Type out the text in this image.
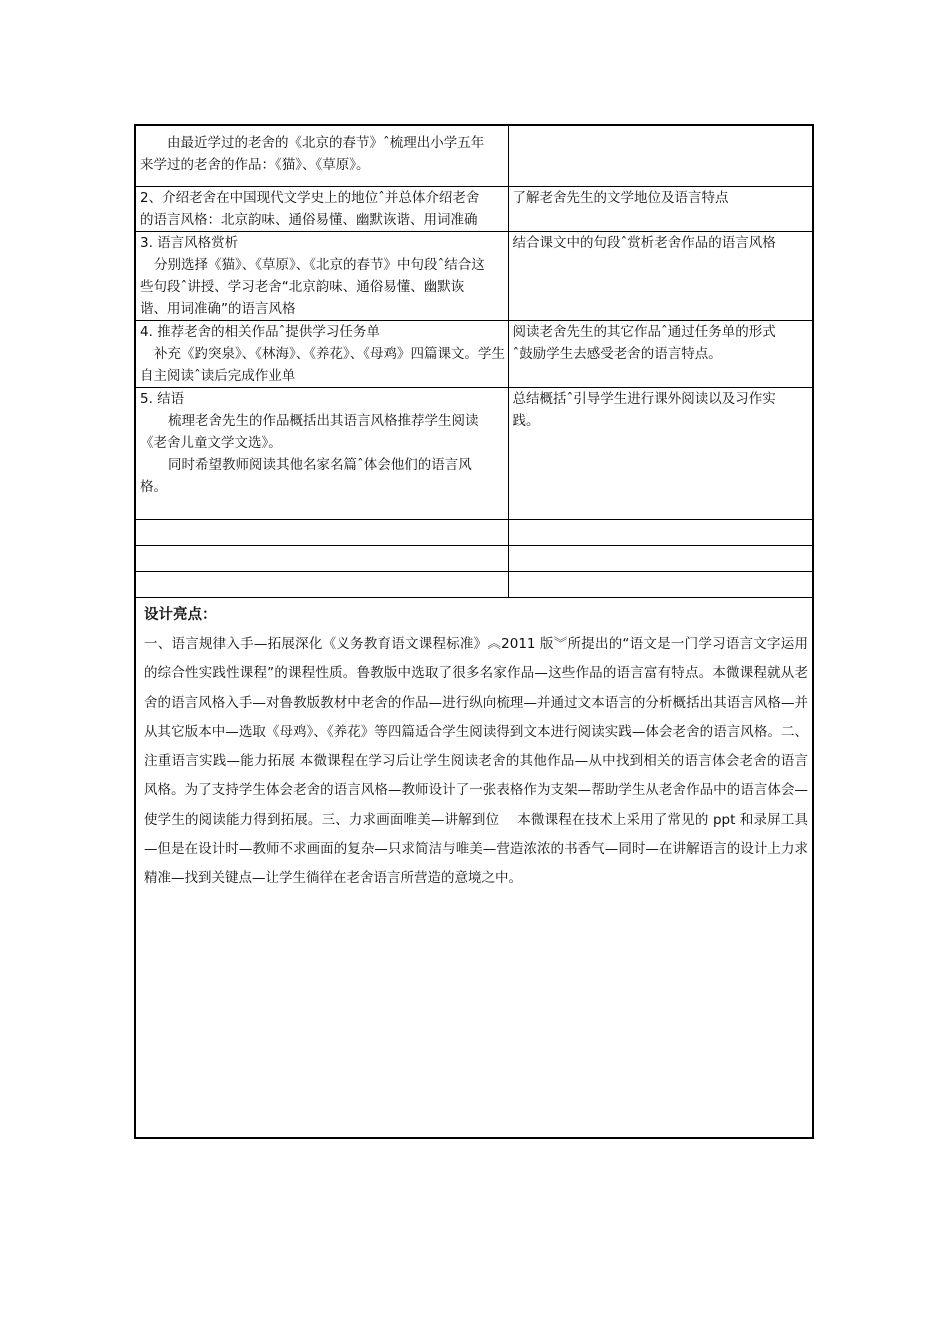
由最近学过的老舍的《北京的春节》ˆ梳理出小学五年
来学过的老舍的作品：《猫》、《草原》。	

2、介绍老舍在中国现代文学史上的地位ˆ并总体介绍老舍
的语言风格：北京韵味、通俗易懂、幽默诙谐、用词准确	了解老舍先生的文学地位及语言特点

3. 语言风格赏析
分别选择《猫》、《草原》、《北京的春节》中句段ˆ结合这
些句段ˆ讲授、学习老舍“北京韵味、通俗易懂、幽默诙
谐、用词准确”的语言风格	结合课文中的句段ˆ赏析老舍作品的语言风格

4. 推荐老舍的相关作品ˆ提供学习任务单
补充《趵突泉》、《林海》、《养花》、《母鸡》四篇课文。学生
自主阅读ˆ读后完成作业单	阅读老舍先生的其它作品ˆ通过任务单的形式
ˆ鼓励学生去感受老舍的语言特点。

5. 结语
梳理老舍先生的作品概括出其语言风格推荐学生阅读
《老舍儿童文学文选》。
同时希望教师阅读其他名家名篇ˆ体会他们的语言风
格。	总结概括ˆ引导学生进行课外阅读以及习作实
践。

设计亮点：
一、语言规律入手—拓展深化《义务教育语文课程标准》︽2011 版︾所提出的“语文是一门学习语言文字运用的综合性实践性课程”的课程性质。鲁教版中选取了很多名家作品—这些作品的语言富有特点。本微课程就从老舍的语言风格入手—对鲁教版教材中老舍的作品—进行纵向梳理—并通过文本语言的分析概括出其语言风格—并从其它版本中—选取《母鸡》、《养花》等四篇适合学生阅读得到文本进行阅读实践—体会老舍的语言风格。二、注重语言实践—能力拓展 本微课程在学习后让学生阅读老舍的其他作品—从中找到相关的语言体会老舍的语言风格。为了支持学生体会老舍的语言风格—教师设计了一张表格作为支架—帮助学生从老舍作品中的语言体会—使学生的阅读能力得到拓展。三、力求画面唯美—讲解到位　 本微课程在技术上采用了常见的 ppt 和录屏工具—但是在设计时—教师不求画面的复杂—只求简洁与唯美—营造浓浓的书香气—同时—在讲解语言的设计上力求精准—找到关键点—让学生徜徉在老舍语言所营造的意境之中。
